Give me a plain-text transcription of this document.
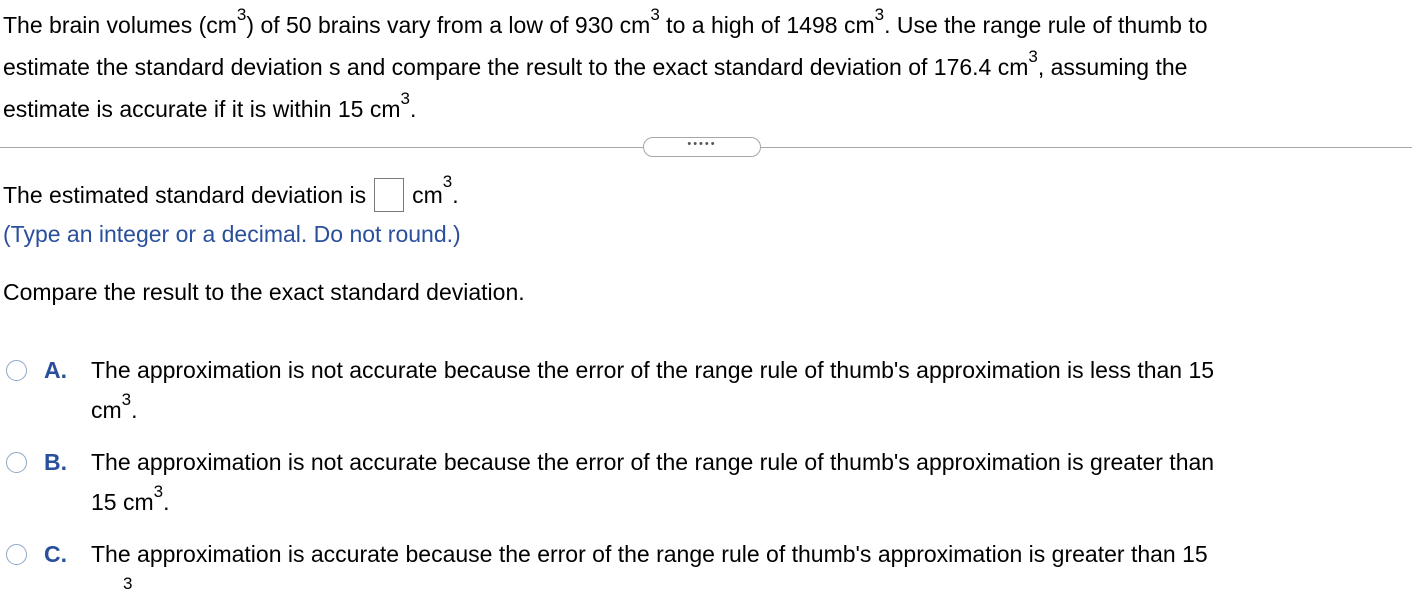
The brain volumes $(cm^3)$ of 50 brains vary from a low of 930 $cm^3$ to a high of 1498 $cm^3$. Use the range rule of thumb to

estimate the standard deviation s and compare the result to the exact standard deviation of 176.4 $cm^3$, assuming the

estimate is accurate if it is within 15 $cm^3$.

•••••
The estimated standard deviation is cm 3 .
(Type an integer or a decimal. Do not round.)
Compare the result to the exact standard deviation.
A. The approximation is not accurate because the error of the range rule of thumb's approximation is less than 15
$cm^3$.
B. The approximation is not accurate because the error of the range rule of thumb's approximation is greater than
15 $cm^3$.
C. The approximation is accurate because the error of the range rule of thumb's approximation is greater than 15
$^3$
